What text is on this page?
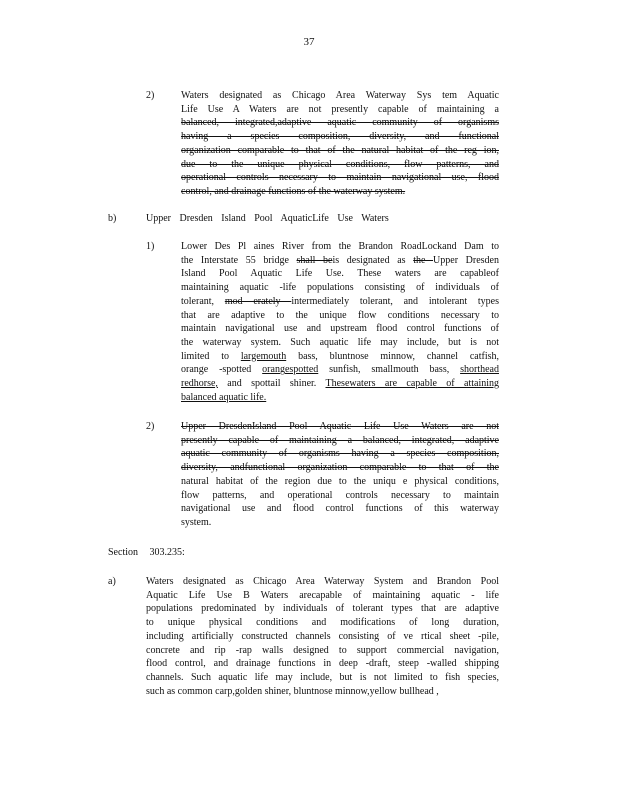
37
2)	Waters designated as Chicago Area Waterway Sys tem Aquatic
Life Use A Waters are not presently capable of maintaining a
balanced, integrated,adaptive aquatic community of organisms
having a species composition, diversity, and functional
organization comparable to that of the natural habitat of the reg ion,
due to the unique physical conditions, flow patterns, and
operational controls necessary to maintain navigational use, flood
control, and drainage functions of the waterway system.
b)	Upper Dresden Island Pool AquaticLife Use Waters
1)	Lower Des Pl aines River from the Brandon RoadLockand Dam to
the Interstate 55 bridge shall beis designated as the Upper Dresden
Island Pool Aquatic Life Use. These waters are capableof
maintaining aquatic -life populations consisting of individuals of
tolerant, mod erately intermediately tolerant, and intolerant types
that are adaptive to the unique flow conditions necessary to
maintain navigational use and upstream flood control functions of
the waterway system. Such aquatic life may include, but is not
limited to largemouth bass, bluntnose minnow, channel catfish,
orange -spotted orangespotted sunfish, smallmouth bass, shorthead
redhorse, and spottail shiner. Thesewaters are capable of attaining
balanced aquatic life.
2)	Upper DresdenIsland Pool Aquatic Life Use Waters are not
presently capable of maintaining a balanced, integrated, adaptive
aquatic community of organisms having a species composition,
diversity, andfunctional organization comparable to that of the
natural habitat of the region due to the uniqu e physical conditions,
flow patterns, and operational controls necessary to maintain
navigational use and flood control functions of this waterway
system.
Section 303.235:
a)	Waters designated as Chicago Area Waterway System and Brandon Pool
Aquatic Life Use B Waters arecapable of maintaining aquatic - life
populations predominated by individuals of tolerant types that are adaptive
to unique physical conditions and modifications of long duration,
including artificially constructed channels consisting of ve rtical sheet -pile,
concrete and rip -rap walls designed to support commercial navigation,
flood control, and drainage functions in deep -draft, steep -walled shipping
channels. Such aquatic life may include, but is not limited to fish species,
such as common carp,golden shiner, bluntnose minnow,yellow bullhead ,
